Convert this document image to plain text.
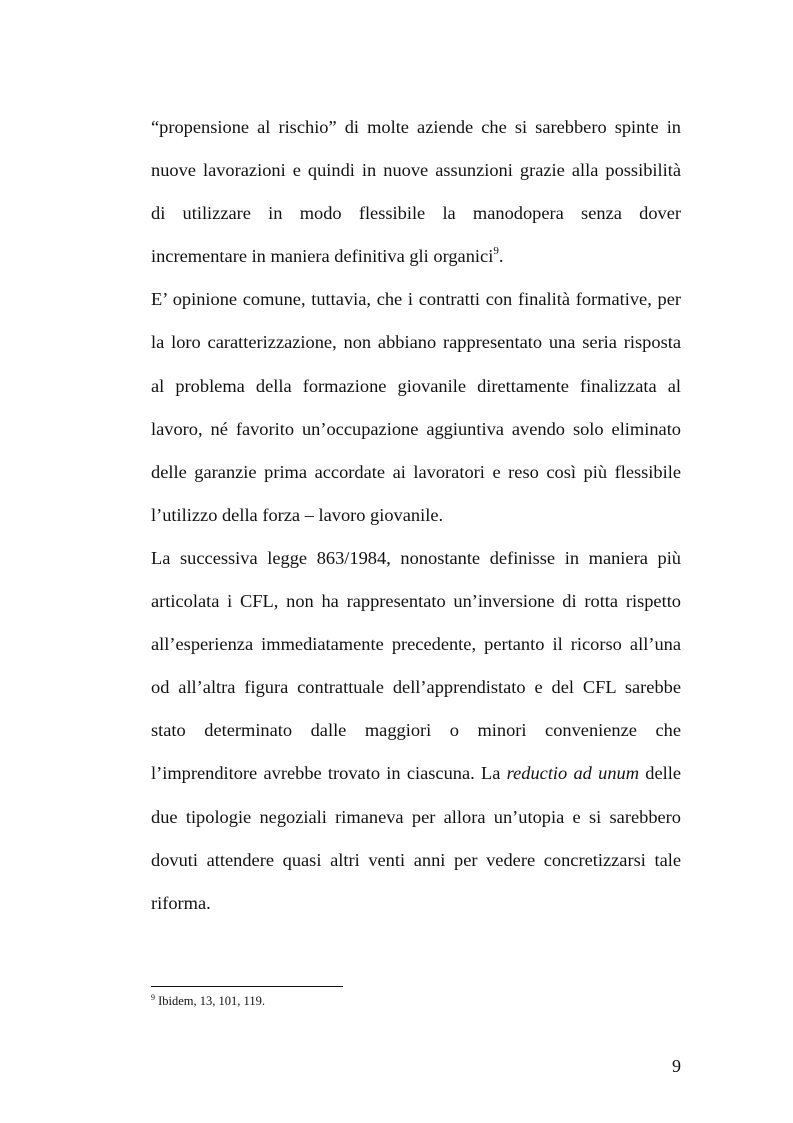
“propensione al rischio” di molte aziende che si sarebbero spinte in
nuove lavorazioni e quindi in nuove assunzioni grazie alla possibilità
di utilizzare in modo flessibile la manodopera senza dover
incrementare in maniera definitiva gli organici$^9$.
E’ opinione comune, tuttavia, che i contratti con finalità formative, per
la loro caratterizzazione, non abbiano rappresentato una seria risposta
al problema della formazione giovanile direttamente finalizzata al
lavoro, né favorito un’occupazione aggiuntiva avendo solo eliminato
delle garanzie prima accordate ai lavoratori e reso così più flessibile
l’utilizzo della forza – lavoro giovanile.
La successiva legge 863/1984, nonostante definisse in maniera più
articolata i CFL, non ha rappresentato un’inversione di rotta rispetto
all’esperienza immediatamente precedente, pertanto il ricorso all’una
od all’altra figura contrattuale dell’apprendistato e del CFL sarebbe
stato determinato dalle maggiori o minori convenienze che
l’imprenditore avrebbe trovato in ciascuna. La reductio ad unum delle
due tipologie negoziali rimaneva per allora un’utopia e si sarebbero
dovuti attendere quasi altri venti anni per vedere concretizzarsi tale
riforma.
$^9$ Ibidem, 13, 101, 119.
9
